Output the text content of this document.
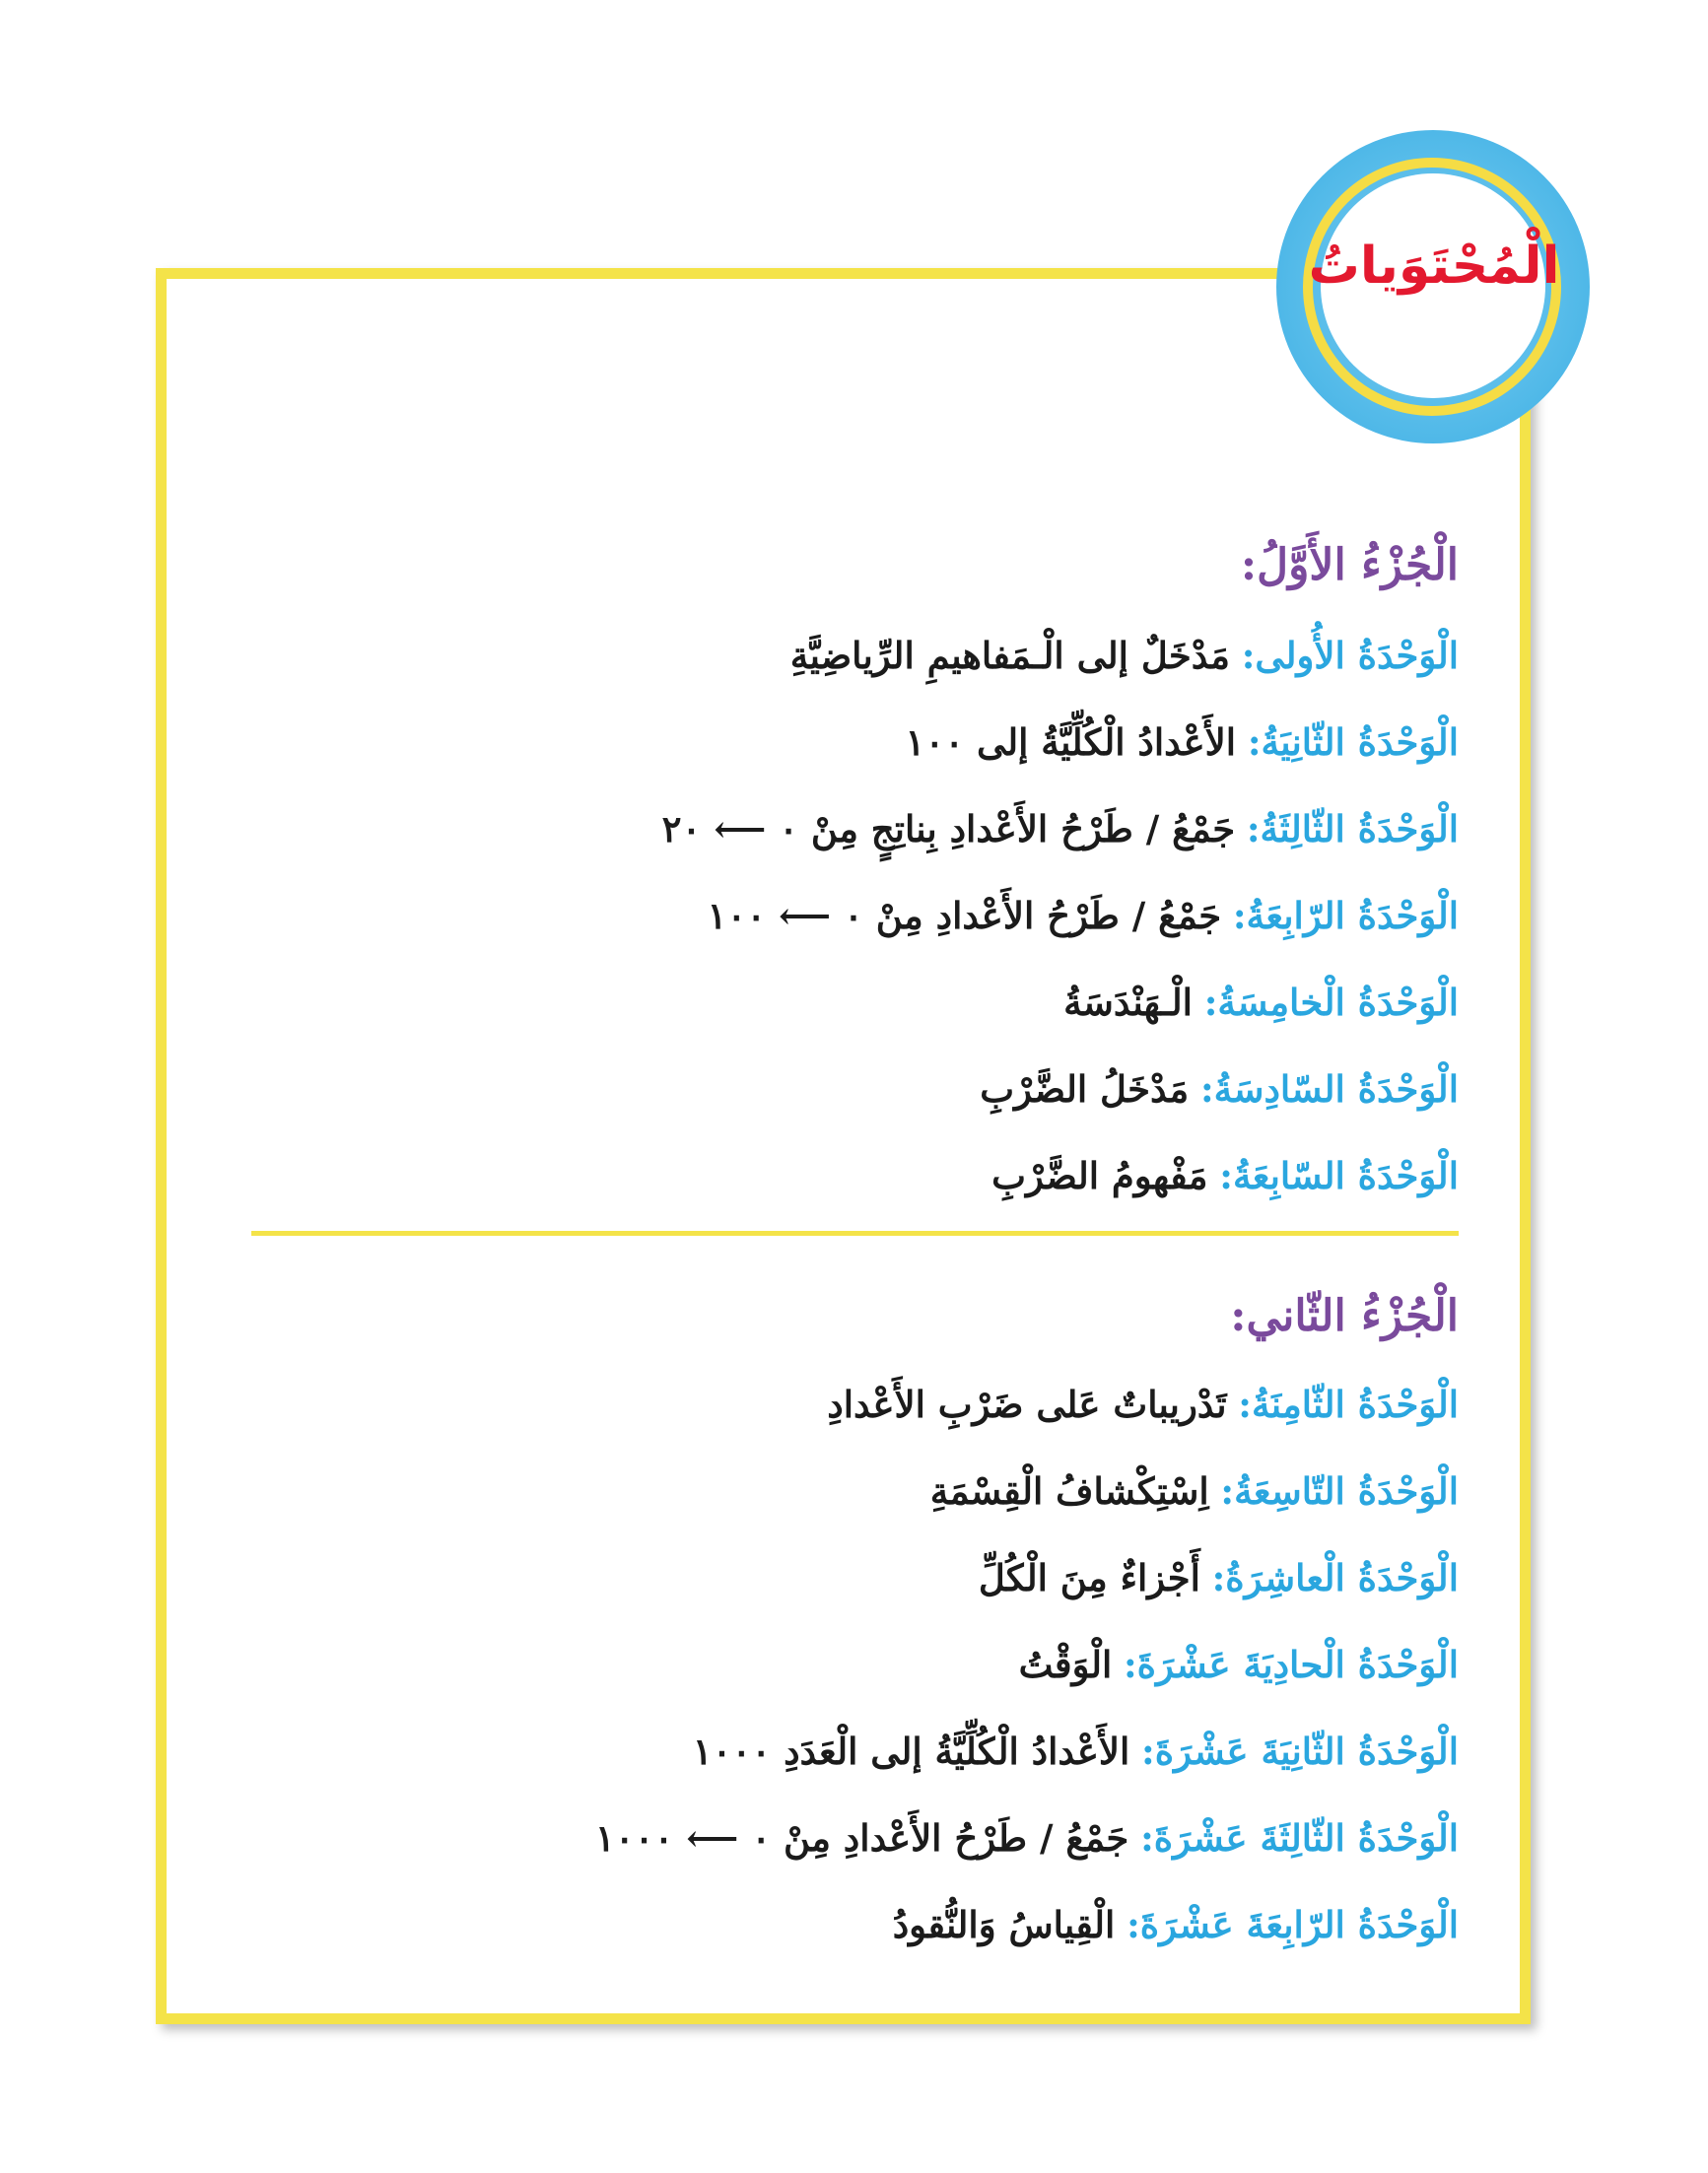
الْمُحْتَوَياتُ
الْجُزْءُ الأَوَّلُ:
الْوَحْدَةُ الأُولى: مَدْخَلٌ إلى الْـمَفاهيمِ الرِّياضِيَّةِ
الْوَحْدَةُ الثّانِيَةُ: الأَعْدادُ الْكُلِّيَّةُ إلى ١٠٠
الْوَحْدَةُ الثّالِثَةُ: جَمْعُ / طَرْحُ الأَعْدادِ بِناتِجٍ مِنْ ٠ ⟵ ٢٠
الْوَحْدَةُ الرّابِعَةُ: جَمْعُ / طَرْحُ الأَعْدادِ مِنْ ٠ ⟵ ١٠٠
الْوَحْدَةُ الْخامِسَةُ: الْـهَنْدَسَةُ
الْوَحْدَةُ السّادِسَةُ: مَدْخَلُ الضَّرْبِ
الْوَحْدَةُ السّابِعَةُ: مَفْهومُ الضَّرْبِ
الْجُزْءُ الثّاني:
الْوَحْدَةُ الثّامِنَةُ: تَدْريباتٌ عَلى ضَرْبِ الأَعْدادِ
الْوَحْدَةُ التّاسِعَةُ: اِسْتِكْشافُ الْقِسْمَةِ
الْوَحْدَةُ الْعاشِرَةُ: أَجْزاءٌ مِنَ الْكُلِّ
الْوَحْدَةُ الْحادِيَةَ عَشْرَةَ: الْوَقْتُ
الْوَحْدَةُ الثّانِيَةَ عَشْرَةَ: الأَعْدادُ الْكُلِّيَّةُ إلى الْعَدَدِ ١٠٠٠
الْوَحْدَةُ الثّالِثَةَ عَشْرَةَ: جَمْعُ / طَرْحُ الأَعْدادِ مِنْ ٠ ⟵ ١٠٠٠
الْوَحْدَةُ الرّابِعَةَ عَشْرَةَ: الْقِياسُ وَالنُّقودُ
